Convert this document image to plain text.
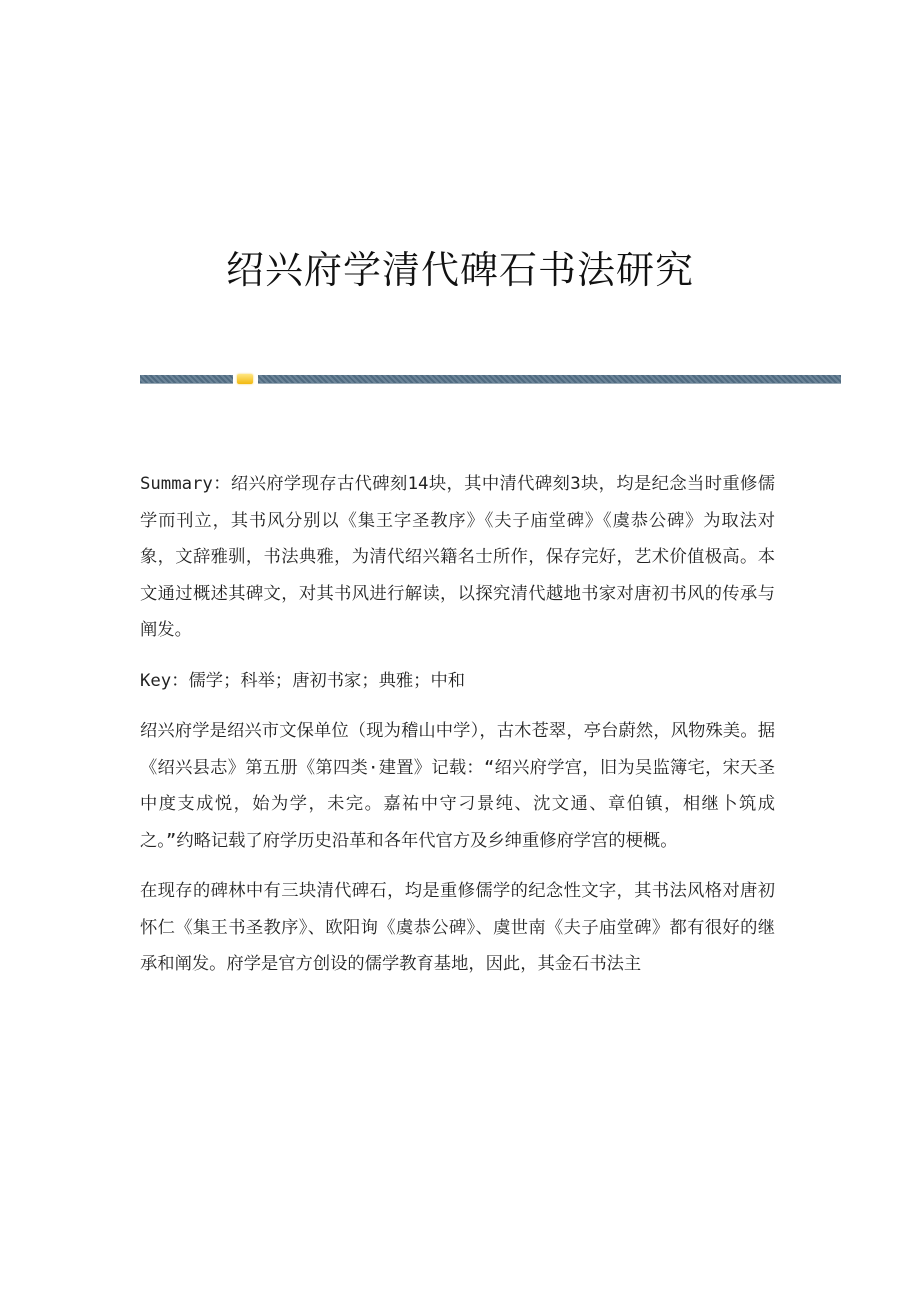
绍兴府学清代碑石书法研究

Summary：绍兴府学现存古代碑刻14块，其中清代碑刻3块，均是纪念当时重修儒学而刊立，其书风分别以《集王字圣教序》《夫子庙堂碑》《虞恭公碑》为取法对象，文辞雅驯，书法典雅，为清代绍兴籍名士所作，保存完好，艺术价值极高。本文通过概述其碑文，对其书风进行解读，以探究清代越地书家对唐初书风的传承与阐发。

Key：儒学；科举；唐初书家；典雅；中和

绍兴府学是绍兴市文保单位（现为稽山中学），古木苍翠，亭台蔚然，风物殊美。据《绍兴县志》第五册《第四类·建置》记载：“绍兴府学宫，旧为吴监簿宅，宋天圣中度支成悦，始为学，未完。嘉祐中守刁景纯、沈文通、章伯镇，相继卜筑成之。”约略记载了府学历史沿革和各年代官方及乡绅重修府学宫的梗概。

在现存的碑林中有三块清代碑石，均是重修儒学的纪念性文字，其书法风格对唐初怀仁《集王书圣教序》、欧阳询《虞恭公碑》、虞世南《夫子庙堂碑》都有很好的继承和阐发。府学是官方创设的儒学教育基地，因此，其金石书法主
